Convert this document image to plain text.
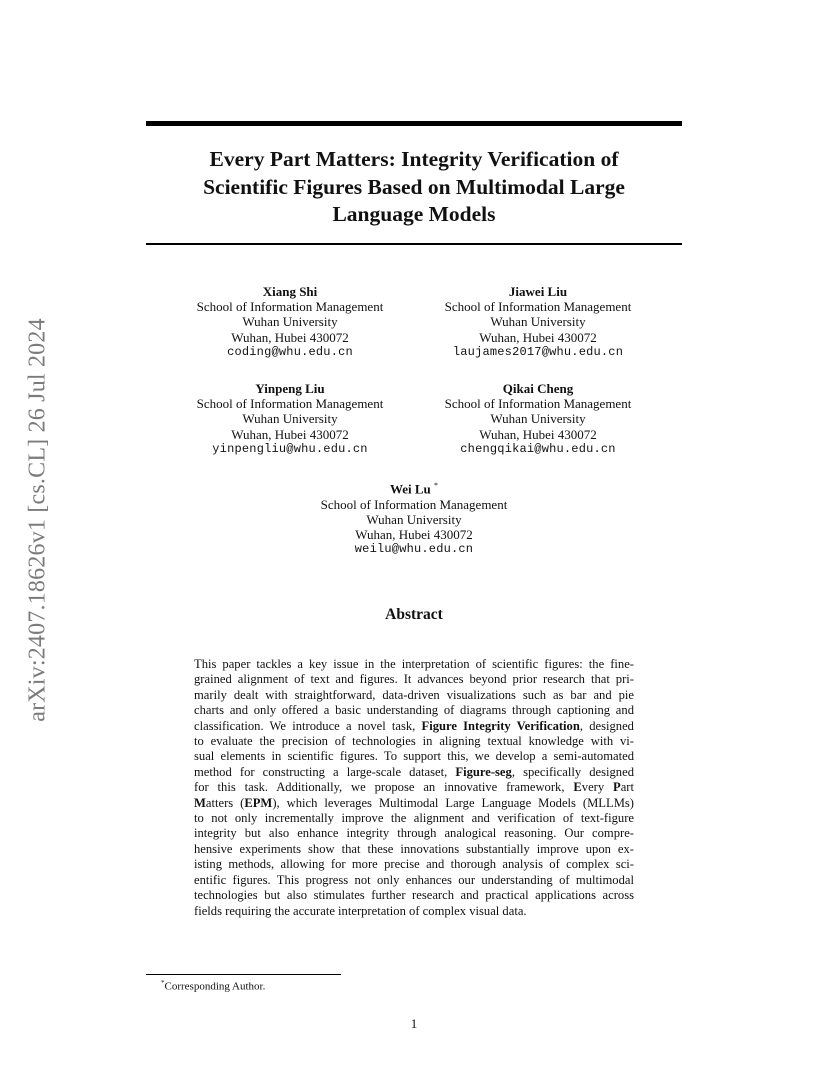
Every Part Matters: Integrity Verification of
Scientific Figures Based on Multimodal Large
Language Models
arXiv:2407.18626v1 [cs.CL] 26 Jul 2024
Xiang Shi
School of Information Management
Wuhan University
Wuhan, Hubei 430072
coding@whu.edu.cn
Jiawei Liu
School of Information Management
Wuhan University
Wuhan, Hubei 430072
laujames2017@whu.edu.cn
Yinpeng Liu
School of Information Management
Wuhan University
Wuhan, Hubei 430072
yinpengliu@whu.edu.cn
Qikai Cheng
School of Information Management
Wuhan University
Wuhan, Hubei 430072
chengqikai@whu.edu.cn
Wei Lu *
School of Information Management
Wuhan University
Wuhan, Hubei 430072
weilu@whu.edu.cn
Abstract
This paper tackles a key issue in the interpretation of scientific figures: the fine-
grained alignment of text and figures. It advances beyond prior research that pri-
marily dealt with straightforward, data-driven visualizations such as bar and pie
charts and only offered a basic understanding of diagrams through captioning and
classification. We introduce a novel task, Figure Integrity Verification, designed
to evaluate the precision of technologies in aligning textual knowledge with vi-
sual elements in scientific figures. To support this, we develop a semi-automated
method for constructing a large-scale dataset, Figure-seg, specifically designed
for this task. Additionally, we propose an innovative framework, Every Part
Matters (EPM), which leverages Multimodal Large Language Models (MLLMs)
to not only incrementally improve the alignment and verification of text-figure
integrity but also enhance integrity through analogical reasoning. Our compre-
hensive experiments show that these innovations substantially improve upon ex-
isting methods, allowing for more precise and thorough analysis of complex sci-
entific figures. This progress not only enhances our understanding of multimodal
technologies but also stimulates further research and practical applications across
fields requiring the accurate interpretation of complex visual data.
*Corresponding Author.
1
